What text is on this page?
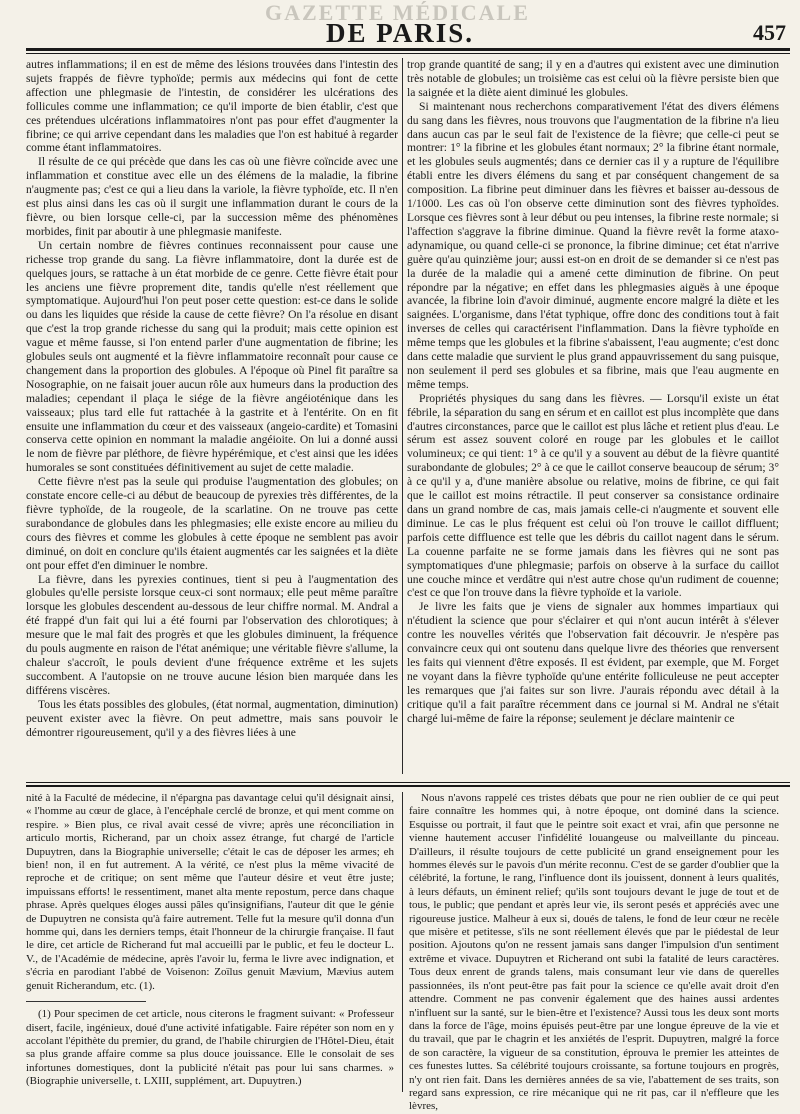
GAZETTE MÉDICALE
DE PARIS.	457

autres inflammations; il en est de même des lésions trouvées dans l'intestin des sujets frappés de fièvre typhoïde; permis aux médecins qui font de cette affection une phlegmasie de l'intestin, de considérer les ulcérations des follicules comme une inflammation; ce qu'il importe de bien établir, c'est que ces prétendues ulcérations inflammatoires n'ont pas pour effet d'augmenter la fibrine; ce qui arrive cependant dans les maladies que l'on est habitué à regarder comme étant inflammatoires.

Il résulte de ce qui précède que dans les cas où une fièvre coïncide avec une inflammation et constitue avec elle un des élémens de la maladie, la fibrine n'augmente pas; c'est ce qui a lieu dans la variole, la fièvre typhoïde, etc. Il n'en est plus ainsi dans les cas où il surgit une inflammation durant le cours de la fièvre, ou bien lorsque celle-ci, par la succession même des phénomènes morbides, finit par aboutir à une phlegmasie manifeste.

Un certain nombre de fièvres continues reconnaissent pour cause une richesse trop grande du sang. La fièvre inflammatoire, dont la durée est de quelques jours, se rattache à un état morbide de ce genre. Cette fièvre était pour les anciens une fièvre proprement dite, tandis qu'elle n'est réellement que symptomatique. Aujourd'hui l'on peut poser cette question: est-ce dans le solide ou dans les liquides que réside la cause de cette fièvre? On l'a résolue en disant que c'est la trop grande richesse du sang qui la produit; mais cette opinion est vague et même fausse, si l'on entend parler d'une augmentation de fibrine; les globules seuls ont augmenté et la fièvre inflammatoire reconnaît pour cause ce changement dans la proportion des globules. A l'époque où Pinel fit paraître sa Nosographie, on ne faisait jouer aucun rôle aux humeurs dans la production des maladies; cependant il plaça le siége de la fièvre angéioténique dans les vaisseaux; plus tard elle fut rattachée à la gastrite et à l'entérite. On en fit ensuite une inflammation du cœur et des vaisseaux (angeio-cardite) et Tomasini conserva cette opinion en nommant la maladie angéioite. On lui a donné aussi le nom de fièvre par pléthore, de fièvre hypérémique, et c'est ainsi que les idées humorales se sont constituées définitivement au sujet de cette maladie.

Cette fièvre n'est pas la seule qui produise l'augmentation des globules; on constate encore celle-ci au début de beaucoup de pyrexies très différentes, de la fièvre typhoïde, de la rougeole, de la scarlatine. On ne trouve pas cette surabondance de globules dans les phlegmasies; elle existe encore au milieu du cours des fièvres et comme les globules à cette époque ne semblent pas avoir diminué, on doit en conclure qu'ils étaient augmentés car les saignées et la diète ont pour effet d'en diminuer le nombre.

La fièvre, dans les pyrexies continues, tient si peu à l'augmentation des globules qu'elle persiste lorsque ceux-ci sont normaux; elle peut même paraître lorsque les globules descendent au-dessous de leur chiffre normal. M. Andral a été frappé d'un fait qui lui a été fourni par l'observation des chlorotiques; à mesure que le mal fait des progrès et que les globules diminuent, la fréquence du pouls augmente en raison de l'état anémique; une véritable fièvre s'allume, la chaleur s'accroît, le pouls devient d'une fréquence extrême et les sujets succombent. A l'autopsie on ne trouve aucune lésion bien marquée dans les différens viscères.

Tous les états possibles des globules, (état normal, augmentation, diminution) peuvent exister avec la fièvre. On peut admettre, mais sans pouvoir le démontrer rigoureusement, qu'il y a des fièvres liées à une

trop grande quantité de sang; il y en a d'autres qui existent avec une diminution très notable de globules; un troisième cas est celui où la fièvre persiste bien que la saignée et la diète aient diminué les globules.

Si maintenant nous recherchons comparativement l'état des divers élémens du sang dans les fièvres, nous trouvons que l'augmentation de la fibrine n'a lieu dans aucun cas par le seul fait de l'existence de la fièvre; que celle-ci peut se montrer: 1° la fibrine et les globules étant normaux; 2° la fibrine étant normale, et les globules seuls augmentés; dans ce dernier cas il y a rupture de l'équilibre établi entre les divers élémens du sang et par conséquent changement de sa composition. La fibrine peut diminuer dans les fièvres et baisser au-dessous de 1/1000. Les cas où l'on observe cette diminution sont des fièvres typhoïdes. Lorsque ces fièvres sont à leur début ou peu intenses, la fibrine reste normale; si l'affection s'aggrave la fibrine diminue. Quand la fièvre revêt la forme ataxo-adynamique, ou quand celle-ci se prononce, la fibrine diminue; cet état n'arrive guère qu'au quinzième jour; aussi est-on en droit de se demander si ce n'est pas la durée de la maladie qui a amené cette diminution de fibrine. On peut répondre par la négative; en effet dans les phlegmasies aiguës à une époque avancée, la fibrine loin d'avoir diminué, augmente encore malgré la diète et les saignées. L'organisme, dans l'état typhique, offre donc des conditions tout à fait inverses de celles qui caractérisent l'inflammation. Dans la fièvre typhoïde en même temps que les globules et la fibrine s'abaissent, l'eau augmente; c'est donc dans cette maladie que survient le plus grand appauvrissement du sang puisque, non seulement il perd ses globules et sa fibrine, mais que l'eau augmente en même temps.

Propriétés physiques du sang dans les fièvres. — Lorsqu'il existe un état fébrile, la séparation du sang en sérum et en caillot est plus incomplète que dans d'autres circonstances, parce que le caillot est plus lâche et retient plus d'eau. Le sérum est assez souvent coloré en rouge par les globules et le caillot volumineux; ce qui tient: 1° à ce qu'il y a souvent au début de la fièvre quantité surabondante de globules; 2° à ce que le caillot conserve beaucoup de sérum; 3° à ce qu'il y a, d'une manière absolue ou relative, moins de fibrine, ce qui fait que le caillot est moins rétractile. Il peut conserver sa consistance ordinaire dans un grand nombre de cas, mais jamais celle-ci n'augmente et souvent elle diminue. Le cas le plus fréquent est celui où l'on trouve le caillot diffluent; parfois cette diffluence est telle que les débris du caillot nagent dans le sérum. La couenne parfaite ne se forme jamais dans les fièvres qui ne sont pas symptomatiques d'une phlegmasie; parfois on observe à la surface du caillot une couche mince et verdâtre qui n'est autre chose qu'un rudiment de couenne; c'est ce que l'on trouve dans la fièvre typhoïde et la variole.

Je livre les faits que je viens de signaler aux hommes impartiaux qui n'étudient la science que pour s'éclairer et qui n'ont aucun intérêt à s'élever contre les nouvelles vérités que l'observation fait découvrir. Je n'espère pas convaincre ceux qui ont soutenu dans quelque livre des théories que renversent les faits qui viennent d'être exposés. Il est évident, par exemple, que M. Forget ne voyant dans la fièvre typhoïde qu'une entérite folliculeuse ne peut accepter les remarques que j'ai faites sur son livre. J'aurais répondu avec détail à la critique qu'il a fait paraître récemment dans ce journal si M. Andral ne s'était chargé lui-même de faire la réponse; seulement je déclare maintenir ce

nité à la Faculté de médecine, il n'épargna pas davantage celui qu'il désignait ainsi, « l'homme au cœur de glace, à l'encéphale cerclé de bronze, et qui ment comme on respire. » Bien plus, ce rival avait cessé de vivre; après une réconciliation in articulo mortis, Richerand, par un choix assez étrange, fut chargé de l'article Dupuytren, dans la Biographie universelle; c'était le cas de déposer les armes; eh bien! non, il en fut autrement. A la vérité, ce n'est plus la même vivacité de reproche et de critique; on sent même que l'auteur désire et veut être juste; impuissans efforts! le ressentiment, manet alta mente repostum, perce dans chaque phrase. Après quelques éloges aussi pâles qu'insignifians, l'auteur dit que le génie de Dupuytren ne consista qu'à faire autrement. Telle fut la mesure qu'il donna d'un homme qui, dans les derniers temps, était l'honneur de la chirurgie française. Il faut le dire, cet article de Richerand fut mal accueilli par le public, et feu le docteur L. V., de l'Académie de médecine, après l'avoir lu, ferma le livre avec indignation, et s'écria en parodiant l'abbé de Voisenon: Zoïlus genuit Mævium, Mævius autem genuit Richerandum, etc. (1).

(1) Pour specimen de cet article, nous citerons le fragment suivant: « Professeur disert, facile, ingénieux, doué d'une activité infatigable. Faire répéter son nom en y accolant l'épithète du premier, du grand, de l'habile chirurgien de l'Hôtel-Dieu, était sa plus grande affaire comme sa plus douce jouissance. Elle le consolait de ses infortunes domestiques, dont la publicité n'était pas pour lui sans charmes. » (Biographie universelle, t. LXIII, supplément, art. Dupuytren.)

Nous n'avons rappelé ces tristes débats que pour ne rien oublier de ce qui peut faire connaître les hommes qui, à notre époque, ont dominé dans la science. Esquisse ou portrait, il faut que le peintre soit exact et vrai, afin que personne ne vienne hautement accuser l'infidélité louangeuse ou malveillante du pinceau. D'ailleurs, il résulte toujours de cette publicité un grand enseignement pour les hommes élevés sur le pavois d'un mérite reconnu. C'est de se garder d'oublier que la célébrité, la fortune, le rang, l'influence dont ils jouissent, donnent à leurs qualités, à leurs défauts, un éminent relief; qu'ils sont toujours devant le juge de tout et de tous, le public; que pendant et après leur vie, ils seront pesés et appréciés avec une rigoureuse justice. Malheur à eux si, doués de talens, le fond de leur cœur ne recèle que misère et petitesse, s'ils ne sont réellement élevés que par le piédestal de leur position. Ajoutons qu'on ne ressent jamais sans danger l'impulsion d'un sentiment extrême et vivace. Dupuytren et Richerand ont subi la fatalité de leurs caractères. Tous deux enrent de grands talens, mais consumant leur vie dans de querelles passionnées, ils n'ont peut-être pas fait pour la science ce qu'elle avait droit d'en attendre. Comment ne pas convenir également que des haines aussi ardentes n'influent sur la santé, sur le bien-être et l'existence? Aussi tous les deux sont morts dans la force de l'âge, moins épuisés peut-être par une longue épreuve de la vie et du travail, que par le chagrin et les anxiétés de l'esprit. Dupuytren, malgré la force de son caractère, la vigueur de sa constitution, éprouva le premier les atteintes de ces funestes luttes. Sa célébrité toujours croissante, sa fortune toujours en progrès, n'y ont rien fait. Dans les dernières années de sa vie, l'abattement de ses traits, son regard sans expression, ce rire mécanique qui ne rit pas, car il n'effleure que les lèvres,
